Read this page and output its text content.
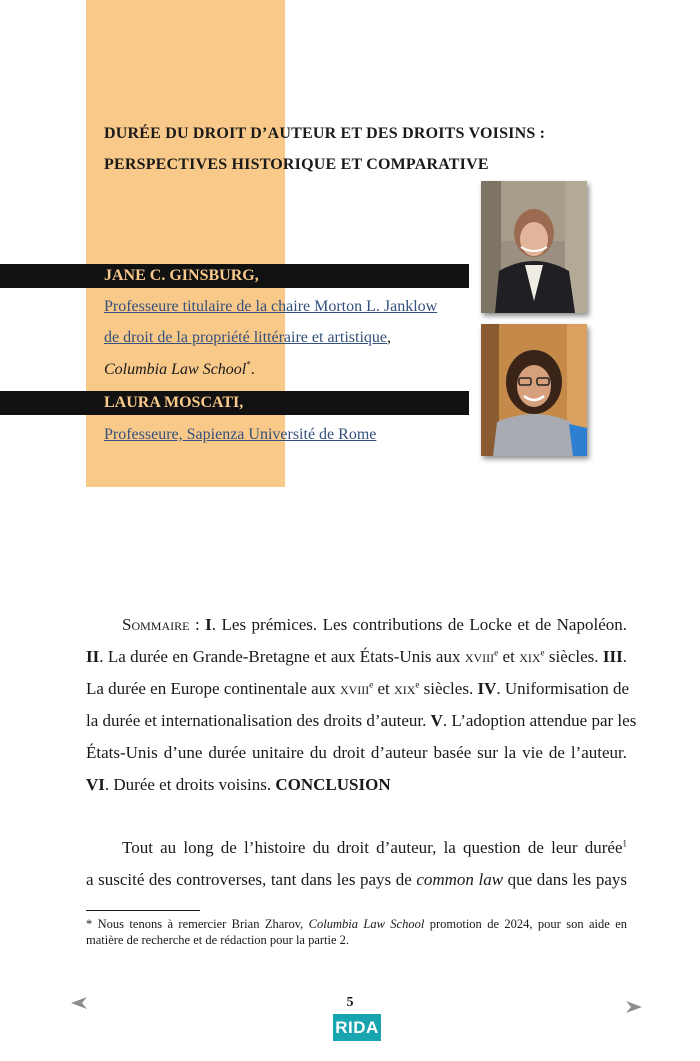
DURÉE DU DROIT D’AUTEUR ET DES DROITS VOISINS :
PERSPECTIVES HISTORIQUE ET COMPARATIVE
JANE C. GINSBURG,
Professeure titulaire de la chaire Morton L. Janklow
de droit de la propriété littéraire et artistique,
Columbia Law School*.
LAURA MOSCATI,
Professeure, Sapienza Université de Rome
Sommaire : I. Les prémices. Les contributions de Locke et de Napoléon.
II. La durée en Grande-Bretagne et aux États-Unis aux xviii$^e$ et xix$^e$ siècles. III.
La durée en Europe continentale aux xviii$^e$ et xix$^e$ siècles. IV. Uniformisation de
la durée et internationalisation des droits d’auteur. V. L’adoption attendue par les
États-Unis d’une durée unitaire du droit d’auteur basée sur la vie de l’auteur.
VI. Durée et droits voisins. CONCLUSION
Tout au long de l’histoire du droit d’auteur, la question de leur durée$^1$
a suscité des controverses, tant dans les pays de common law que dans les pays
* Nous tenons à remercier Brian Zharov, Columbia Law School promotion de 2024, pour son aide en matière de recherche et de rédaction pour la partie 2.
5
RIDA
